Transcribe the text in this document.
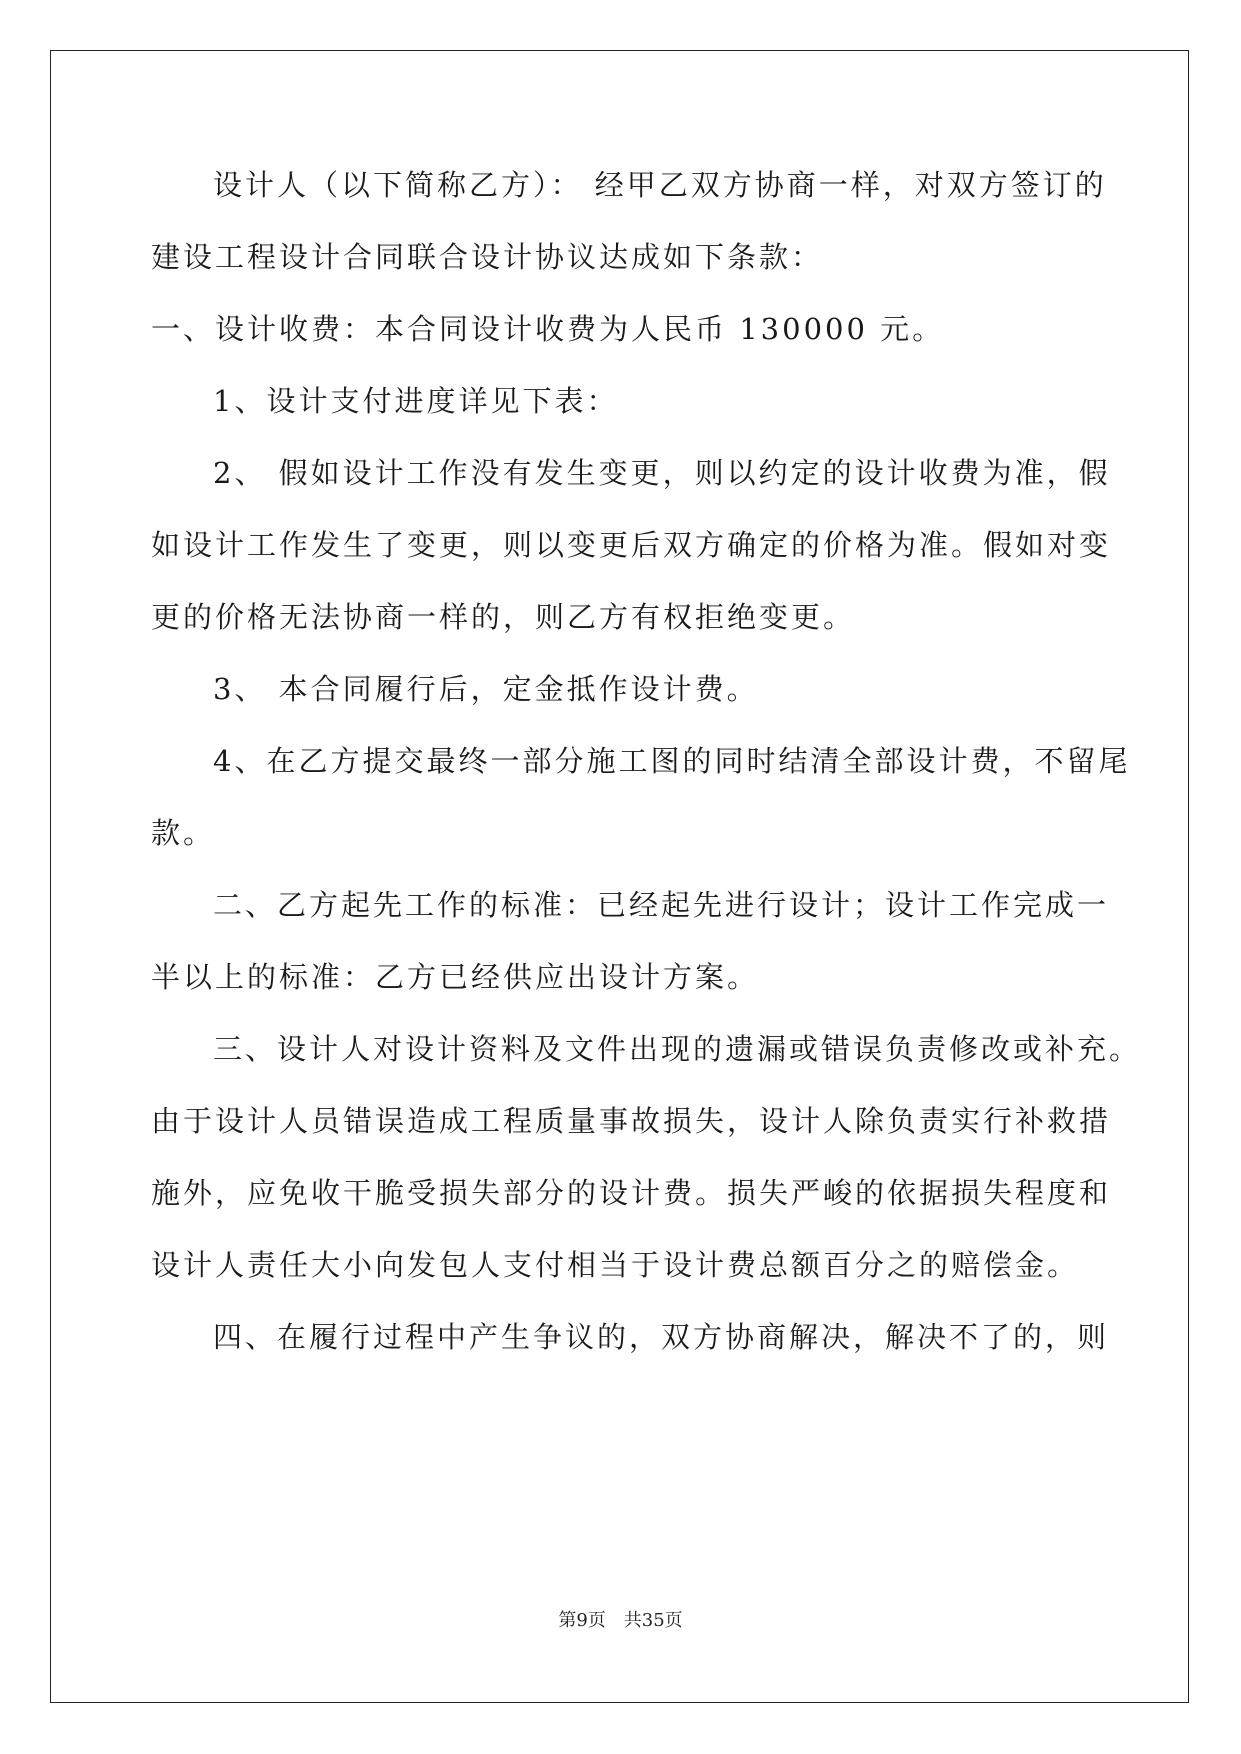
设计人（以下简称乙方）： 经甲乙双方协商一样，对双方签订的
建设工程设计合同联合设计协议达成如下条款：
一、设计收费：本合同设计收费为人民币 130000 元。
1、设计支付进度详见下表：
2、 假如设计工作没有发生变更，则以约定的设计收费为准，假
如设计工作发生了变更，则以变更后双方确定的价格为准。假如对变
更的价格无法协商一样的，则乙方有权拒绝变更。
3、 本合同履行后，定金抵作设计费。
4、在乙方提交最终一部分施工图的同时结清全部设计费，不留尾
款。
二、乙方起先工作的标准：已经起先进行设计；设计工作完成一
半以上的标准：乙方已经供应出设计方案。
三、设计人对设计资料及文件出现的遗漏或错误负责修改或补充。
由于设计人员错误造成工程质量事故损失，设计人除负责实行补救措
施外，应免收干脆受损失部分的设计费。损失严峻的依据损失程度和
设计人责任大小向发包人支付相当于设计费总额百分之的赔偿金。
四、在履行过程中产生争议的，双方协商解决，解决不了的，则
第9页　共35页
